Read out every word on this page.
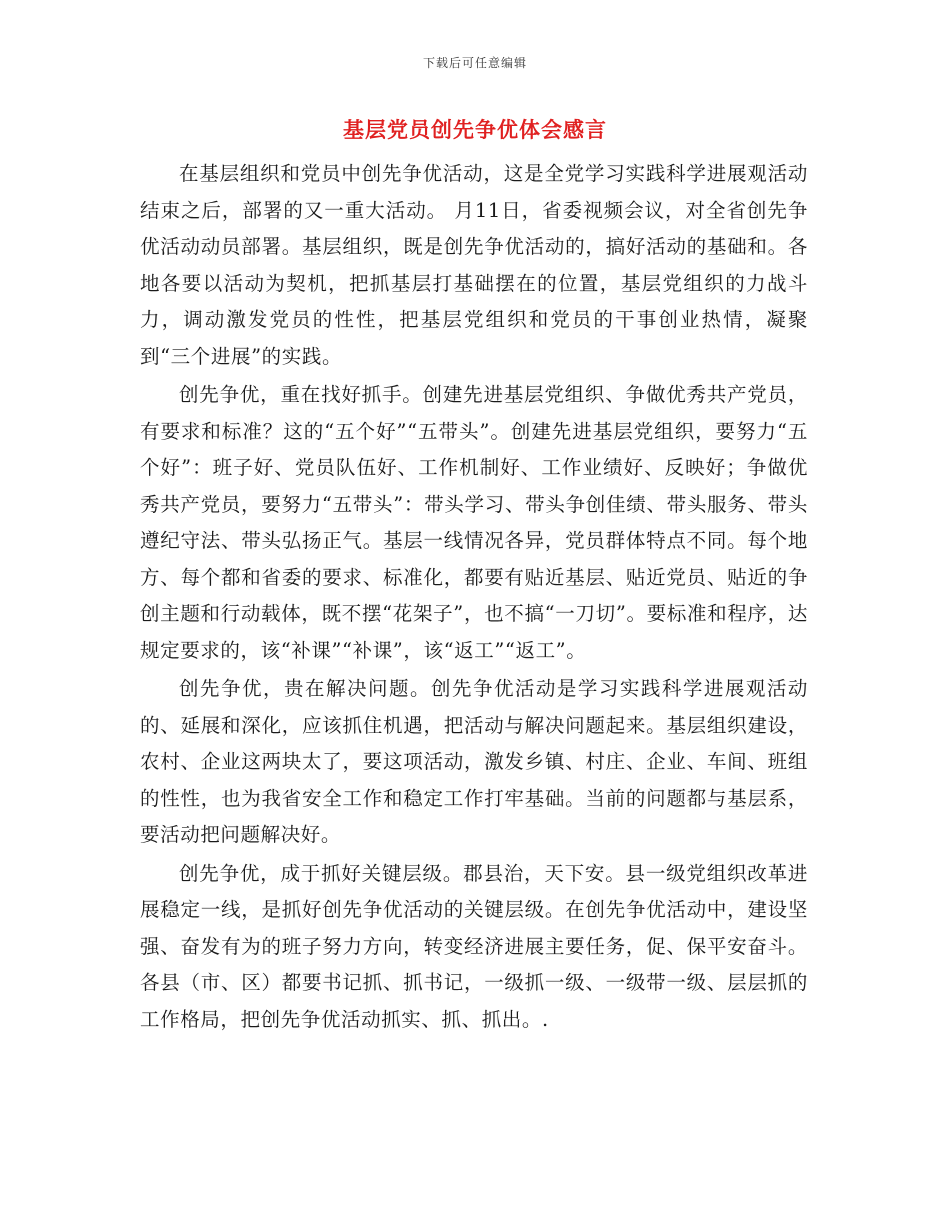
下载后可任意编辑
基层党员创先争优体会感言

在基层组织和党员中创先争优活动，这是全党学习实践科学进展观活动结束之后，部署的又一重大活动。 月11日，省委视频会议，对全省创先争优活动动员部署。基层组织，既是创先争优活动的，搞好活动的基础和。各地各要以活动为契机，把抓基层打基础摆在的位置，基层党组织的力战斗力，调动激发党员的性性，把基层党组织和党员的干事创业热情，凝聚到“三个进展”的实践。

创先争优，重在找好抓手。创建先进基层党组织、争做优秀共产党员，有要求和标准？这的“五个好”“五带头”。创建先进基层党组织，要努力“五个好”：班子好、党员队伍好、工作机制好、工作业绩好、反映好；争做优秀共产党员，要努力“五带头”：带头学习、带头争创佳绩、带头服务、带头遵纪守法、带头弘扬正气。基层一线情况各异，党员群体特点不同。每个地方、每个都和省委的要求、标准化，都要有贴近基层、贴近党员、贴近的争创主题和行动载体，既不摆“花架子”，也不搞“一刀切”。要标准和程序，达规定要求的，该“补课”“补课”，该“返工”“返工”。

创先争优，贵在解决问题。创先争优活动是学习实践科学进展观活动的、延展和深化，应该抓住机遇，把活动与解决问题起来。基层组织建设，农村、企业这两块太了，要这项活动，激发乡镇、村庄、企业、车间、班组的性性，也为我省安全工作和稳定工作打牢基础。当前的问题都与基层系，要活动把问题解决好。

创先争优，成于抓好关键层级。郡县治，天下安。县一级党组织改革进展稳定一线，是抓好创先争优活动的关键层级。在创先争优活动中，建设坚强、奋发有为的班子努力方向，转变经济进展主要任务，促、保平安奋斗。各县（市、区）都要书记抓、抓书记，一级抓一级、一级带一级、层层抓的工作格局，把创先争优活动抓实、抓、抓出。.
